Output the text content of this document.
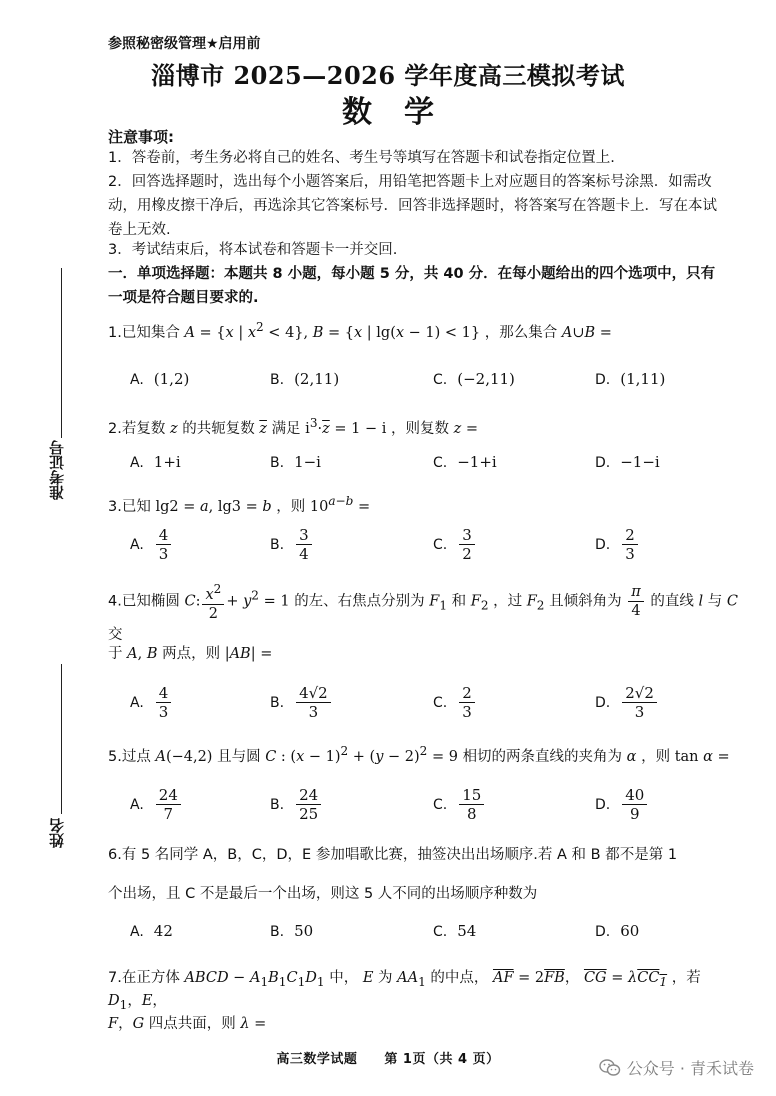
参照秘密级管理★启用前
淄博市 2025—2026 学年度高三模拟考试
数学
注意事项:
1．答卷前，考生务必将自己的姓名、考生号等填写在答题卡和试卷指定位置上.
2．回答选择题时，选出每个小题答案后，用铅笔把答题卡上对应题目的答案标号涂黑．如需改动，用橡皮擦干净后，再选涂其它答案标号．回答非选择题时，将答案写在答题卡上．写在本试卷上无效.
3．考试结束后，将本试卷和答题卡一并交回.
一．单项选择题：本题共 8 小题，每小题 5 分，共 40 分．在每小题给出的四个选项中，只有一项是符合题目要求的.
准考证号
姓名
1.已知集合 A = {x | $x^2 < 4$}, B = {x | lg(x − 1) < 1} ，那么集合 A∪B =
A. (1,2)	B. (2,11)	C. (−2,11)	D. (1,11)
2.若复数 z 的共轭复数 $\overline{z}$ 满足 $i^3\cdot\overline{z} = 1 - i$ ，则复数 z =
A. 1+i	B. 1−i	C. −1+i	D. −1−i
3.已知 lg2 = a, lg3 = b ，则 $10^{a-b}$ =
A. $\frac{4}{3}$	B. $\frac{3}{4}$	C. $\frac{3}{2}$	D. $\frac{2}{3}$
4.已知椭圆 C: $\frac{x^2}{2} + y^2 = 1$ 的左、右焦点分别为 $F_1$ 和 $F_2$ ，过 $F_2$ 且倾斜角为 $\frac{\pi}{4}$ 的直线 l 与 C 交
于 A, B 两点，则 |AB| =
A. $\frac{4}{3}$	B. $\frac{4√2}{3}$	C. $\frac{2}{3}$	D. $\frac{2√2}{3}$
5.过点 A(−4,2) 且与圆 C : $(x - 1)^2 + (y - 2)^2 = 9$ 相切的两条直线的夹角为 α ，则 tan α =
A. $\frac{24}{7}$	B. $\frac{24}{25}$	C. $\frac{15}{8}$	D. $\frac{40}{9}$
6.有 5 名同学 A，B，C，D，E 参加唱歌比赛，抽签决出出场顺序.若 A 和 B 都不是第 1
个出场，且 C 不是最后一个出场，则这 5 人不同的出场顺序种数为
A. 42	B. 50	C. 54	D. 60
7.在正方体 ABCD − $A_1B_1C_1D_1$ 中， E 为 $AA_1$ 的中点， $\overline{AF} = 2\overline{FB}$， $\overline{CG} = \lambda CC_1$ ，若 $D_1$，E，
F，G 四点共面，则 λ =
高三数学试题　　第 1页（共 4 页）	公众号 · 青禾试卷
